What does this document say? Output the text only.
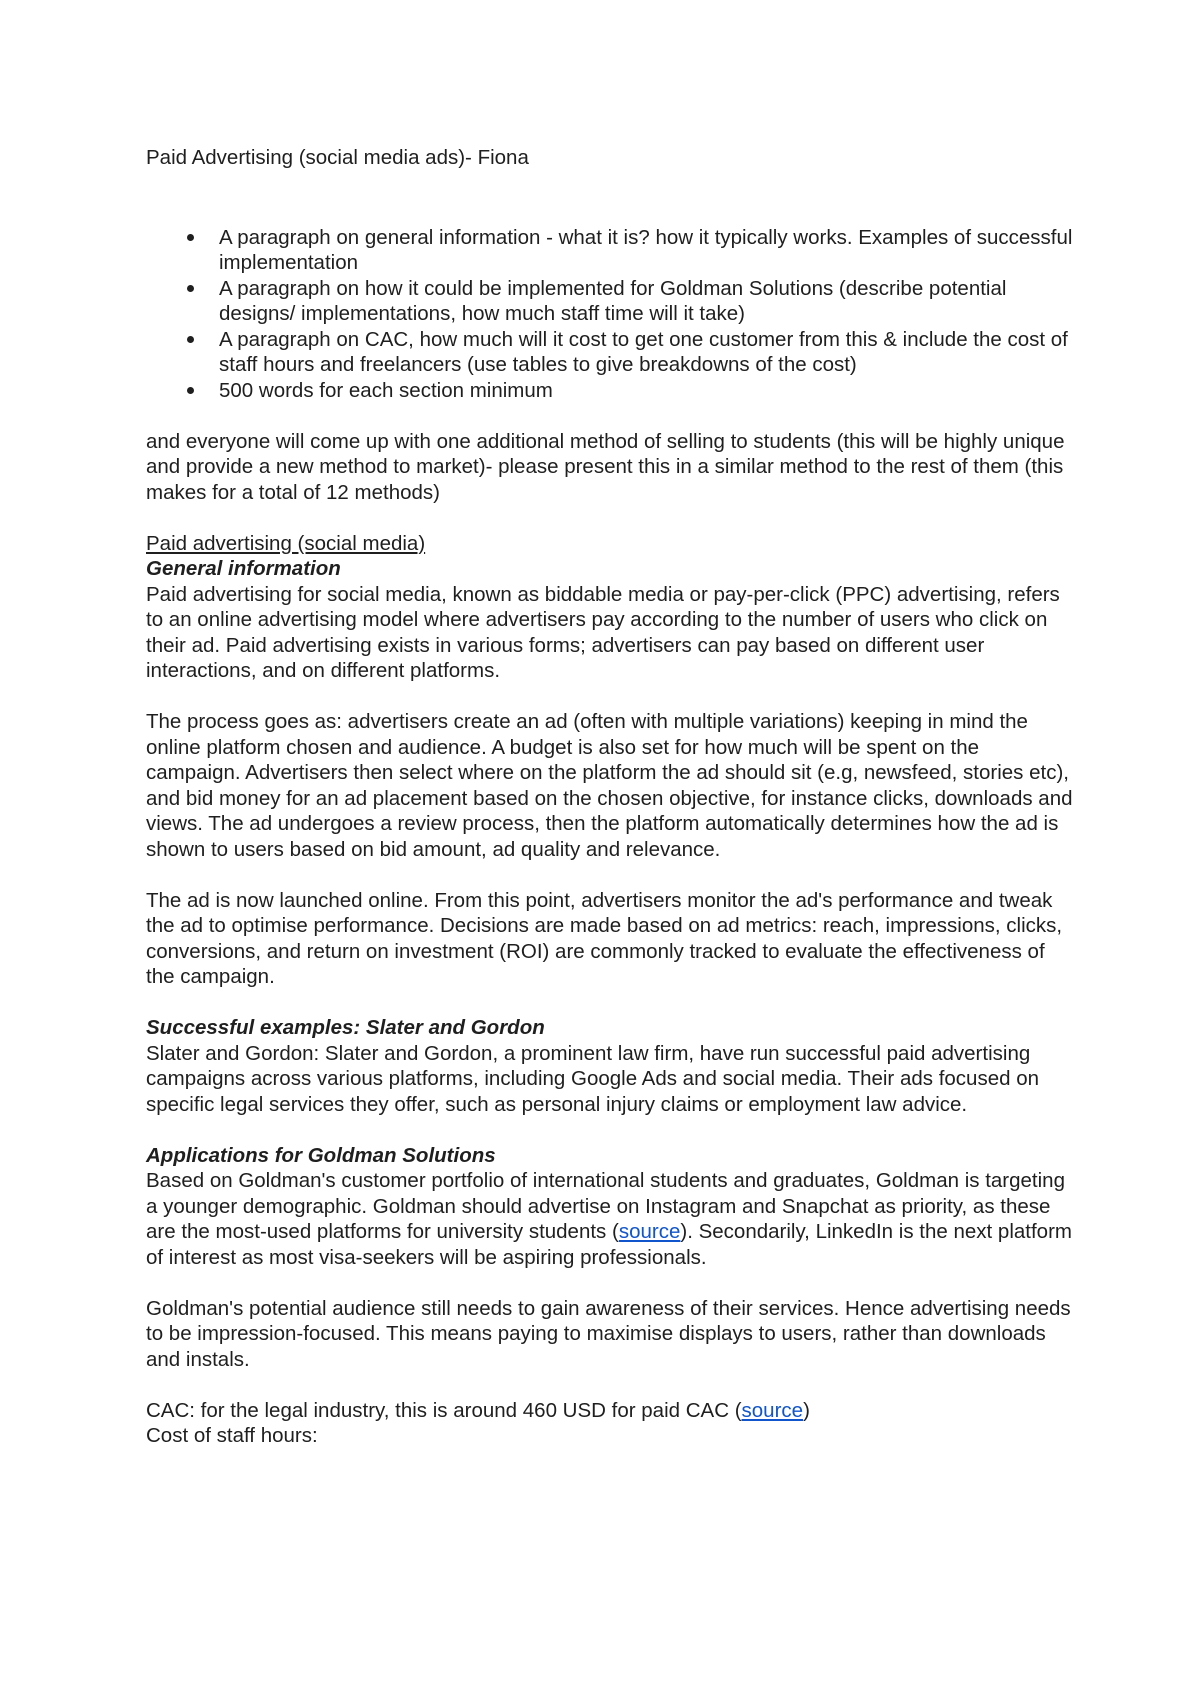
Paid Advertising (social media ads)- Fiona

A paragraph on general information - what it is? how it typically works. Examples of successful implementation
A paragraph on how it could be implemented for Goldman Solutions (describe potential designs/ implementations, how much staff time will it take)
A paragraph on CAC, how much will it cost to get one customer from this & include the cost of staff hours and freelancers (use tables to give breakdowns of the cost)
500 words for each section minimum

and everyone will come up with one additional method of selling to students (this will be highly unique and provide a new method to market)- please present this in a similar method to the rest of them (this makes for a total of 12 methods)

Paid advertising (social media)

General information

Paid advertising for social media, known as biddable media or pay-per-click (PPC) advertising, refers to an online advertising model where advertisers pay according to the number of users who click on their ad. Paid advertising exists in various forms; advertisers can pay based on different user interactions, and on different platforms.

The process goes as: advertisers create an ad (often with multiple variations) keeping in mind the online platform chosen and audience. A budget is also set for how much will be spent on the campaign. Advertisers then select where on the platform the ad should sit (e.g, newsfeed, stories etc), and bid money for an ad placement based on the chosen objective, for instance clicks, downloads and views. The ad undergoes a review process, then the platform automatically determines how the ad is shown to users based on bid amount, ad quality and relevance.

The ad is now launched online. From this point, advertisers monitor the ad's performance and tweak the ad to optimise performance. Decisions are made based on ad metrics: reach, impressions, clicks, conversions, and return on investment (ROI) are commonly tracked to evaluate the effectiveness of the campaign.

Successful examples: Slater and Gordon

Slater and Gordon: Slater and Gordon, a prominent law firm, have run successful paid advertising campaigns across various platforms, including Google Ads and social media. Their ads focused on specific legal services they offer, such as personal injury claims or employment law advice.

Applications for Goldman Solutions

Based on Goldman's customer portfolio of international students and graduates, Goldman is targeting a younger demographic. Goldman should advertise on Instagram and Snapchat as priority, as these are the most-used platforms for university students (source). Secondarily, LinkedIn is the next platform of interest as most visa-seekers will be aspiring professionals.

Goldman's potential audience still needs to gain awareness of their services. Hence advertising needs to be impression-focused. This means paying to maximise displays to users, rather than downloads and instals.

CAC: for the legal industry, this is around 460 USD for paid CAC (source)

Cost of staff hours:
